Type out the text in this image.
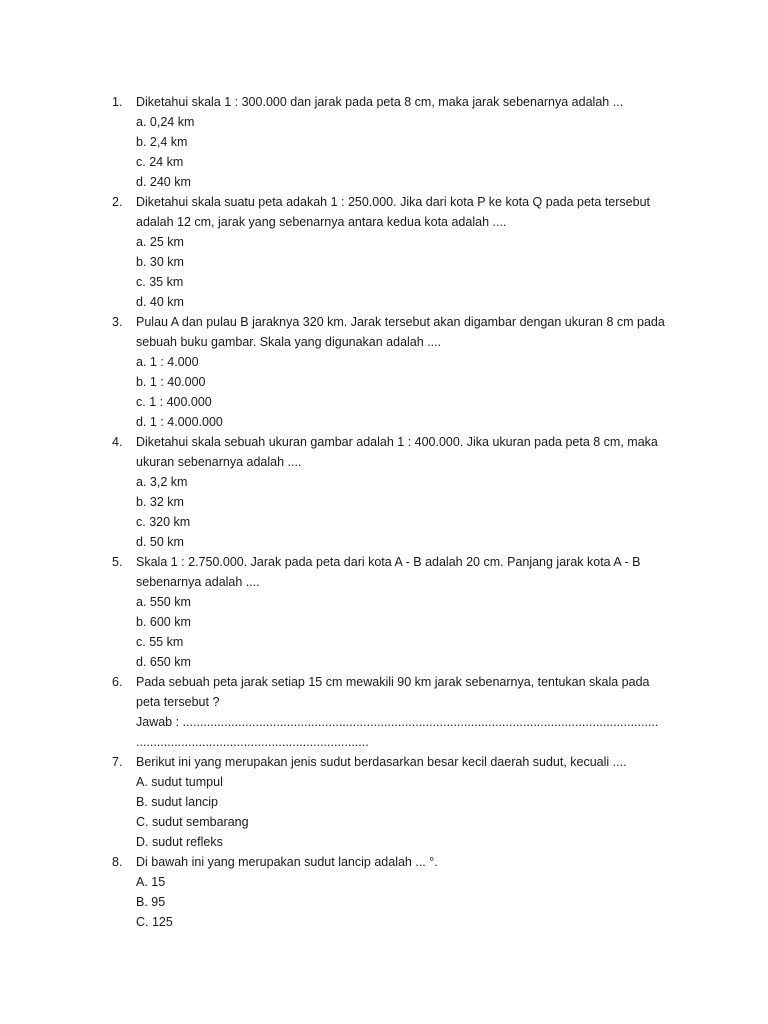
1.	Diketahui skala 1 : 300.000 dan jarak pada peta 8 cm, maka jarak sebenarnya adalah ...
a. 0,24 km
b. 2,4 km
c. 24 km
d. 240 km
2.	Diketahui skala suatu peta adakah 1 : 250.000. Jika dari kota P ke kota Q pada peta tersebut
adalah 12 cm, jarak yang sebenarnya antara kedua kota adalah ....
a. 25 km
b. 30 km
c. 35 km
d. 40 km
3.	Pulau A dan pulau B jaraknya 320 km. Jarak tersebut akan digambar dengan ukuran 8 cm pada
sebuah buku gambar. Skala yang digunakan adalah ....
a. 1 : 4.000
b. 1 : 40.000
c. 1 : 400.000
d. 1 : 4.000.000
4.	Diketahui skala sebuah ukuran gambar adalah 1 : 400.000. Jika ukuran pada peta 8 cm, maka
ukuran sebenarnya adalah ....
a. 3,2 km
b. 32 km
c. 320 km
d. 50 km
5.	Skala 1 : 2.750.000. Jarak pada peta dari kota A - B adalah 20 cm. Panjang jarak kota A - B
sebenarnya adalah ....
a. 550 km
b. 600 km
c. 55 km
d. 650 km
6.	Pada sebuah peta jarak setiap 15 cm mewakili 90 km jarak sebenarnya, tentukan skala pada
peta tersebut ?
Jawab : .........................................................................................................................................
...................................................................
7.	Berikut ini yang merupakan jenis sudut berdasarkan besar kecil daerah sudut, kecuali ....
A. sudut tumpul
B. sudut lancip
C. sudut sembarang
D. sudut refleks
8.	Di bawah ini yang merupakan sudut lancip adalah ... °.
A. 15
B. 95
C. 125
